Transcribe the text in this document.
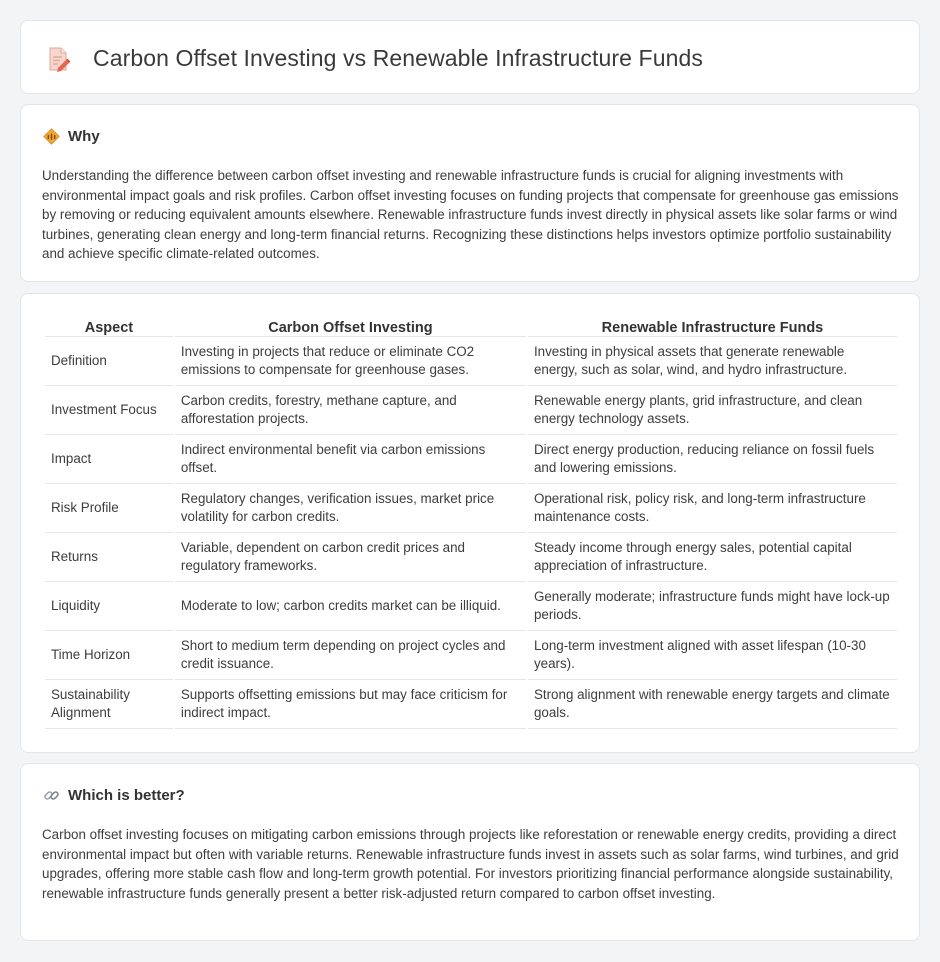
Carbon Offset Investing vs Renewable Infrastructure Funds
Why

Understanding the difference between carbon offset investing and renewable infrastructure funds is crucial for aligning investments with environmental impact goals and risk profiles. Carbon offset investing focuses on funding projects that compensate for greenhouse gas emissions by removing or reducing equivalent amounts elsewhere. Renewable infrastructure funds invest directly in physical assets like solar farms or wind turbines, generating clean energy and long-term financial returns. Recognizing these distinctions helps investors optimize portfolio sustainability and achieve specific climate-related outcomes.

Aspect	Carbon Offset Investing	Renewable Infrastructure Funds
Definition	Investing in projects that reduce or eliminate CO2 emissions to compensate for greenhouse gases.	Investing in physical assets that generate renewable energy, such as solar, wind, and hydro infrastructure.
Investment Focus	Carbon credits, forestry, methane capture, and afforestation projects.	Renewable energy plants, grid infrastructure, and clean energy technology assets.
Impact	Indirect environmental benefit via carbon emissions offset.	Direct energy production, reducing reliance on fossil fuels and lowering emissions.
Risk Profile	Regulatory changes, verification issues, market price volatility for carbon credits.	Operational risk, policy risk, and long-term infrastructure maintenance costs.
Returns	Variable, dependent on carbon credit prices and regulatory frameworks.	Steady income through energy sales, potential capital appreciation of infrastructure.
Liquidity	Moderate to low; carbon credits market can be illiquid.	Generally moderate; infrastructure funds might have lock-up periods.
Time Horizon	Short to medium term depending on project cycles and credit issuance.	Long-term investment aligned with asset lifespan (10-30 years).
Sustainability Alignment	Supports offsetting emissions but may face criticism for indirect impact.	Strong alignment with renewable energy targets and climate goals.
Which is better?

Carbon offset investing focuses on mitigating carbon emissions through projects like reforestation or renewable energy credits, providing a direct environmental impact but often with variable returns. Renewable infrastructure funds invest in assets such as solar farms, wind turbines, and grid upgrades, offering more stable cash flow and long-term growth potential. For investors prioritizing financial performance alongside sustainability, renewable infrastructure funds generally present a better risk-adjusted return compared to carbon offset investing.
